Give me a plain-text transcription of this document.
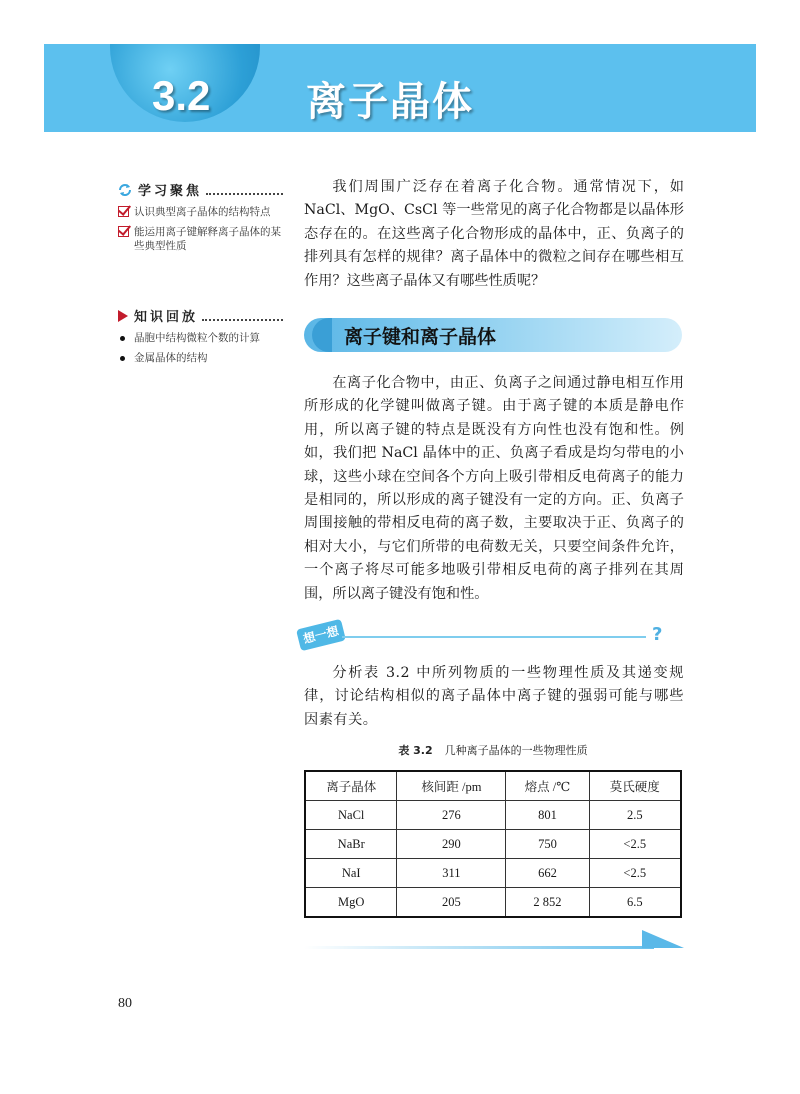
3.2 离子晶体
学习聚焦
认识典型离子晶体的结构特点
能运用离子键解释离子晶体的某些典型性质
知识回放
晶胞中结构微粒个数的计算
金属晶体的结构

我们周围广泛存在着离子化合物。通常情况下，如 NaCl、MgO、CsCl 等一些常见的离子化合物都是以晶体形态存在的。在这些离子化合物形成的晶体中，正、负离子的排列具有怎样的规律？离子晶体中的微粒之间存在哪些相互作用？这些离子晶体又有哪些性质呢？

离子键和离子晶体

在离子化合物中，由正、负离子之间通过静电相互作用所形成的化学键叫做离子键。由于离子键的本质是静电作用，所以离子键的特点是既没有方向性也没有饱和性。例如，我们把 NaCl 晶体中的正、负离子看成是均匀带电的小球，这些小球在空间各个方向上吸引带相反电荷离子的能力是相同的，所以形成的离子键没有一定的方向。正、负离子周围接触的带相反电荷的离子数，主要取决于正、负离子的相对大小，与它们所带的电荷数无关，只要空间条件允许，一个离子将尽可能多地吸引带相反电荷的离子排列在其周围，所以离子键没有饱和性。

想一想	?

分析表 3.2 中所列物质的一些物理性质及其递变规律，讨论结构相似的离子晶体中离子键的强弱可能与哪些因素有关。

表 3.2 几种离子晶体的一些物理性质
离子晶体	核间距 /pm	熔点 /℃	莫氏硬度
NaCl	276	801	2.5
NaBr	290	750	<2.5
NaI	311	662	<2.5
MgO	205	2 852	6.5
80
